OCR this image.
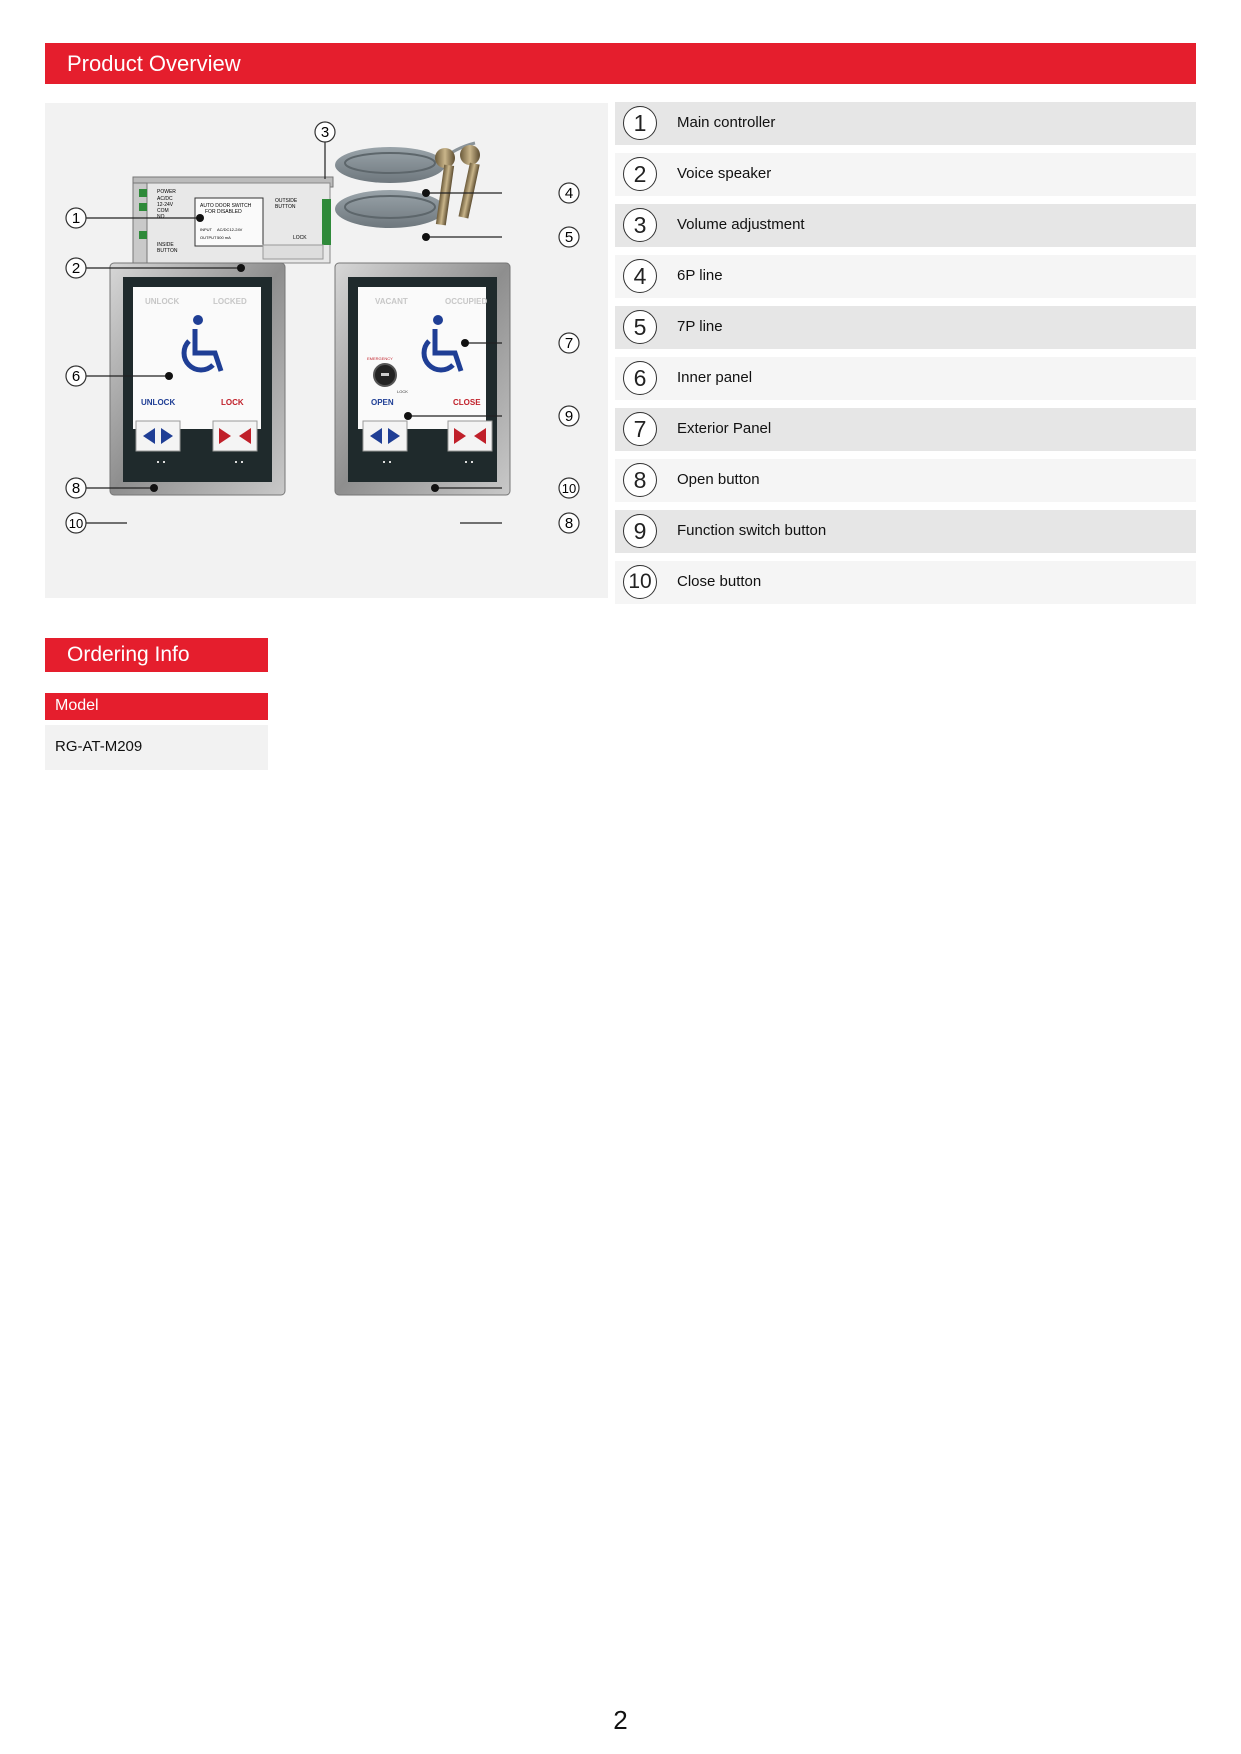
Product Overview
POWER
AC/DC
12-24V
COM
NO
AUTO DOOR SWITCH
FOR DISABLED
INPUT AC/DC12-24V
OUTPUT 500 mA
OUTSIDE
BUTTON
LOCK
INSIDE
BUTTON
UNLOCK	LOCKED
UNLOCK	LOCK
VACANT	OCCUPIED
EMERGENCY
LOCK
OPEN	CLOSE
1
2
3
4
5
6
7
9
8	10
10	8
1	Main controller
2	Voice speaker
3	Volume adjustment
4	6P line
5	7P line
6	Inner panel
7	Exterior Panel
8	Open button
9	Function switch button
10	Close button
Ordering Info
Model
RG-AT-M209
2
